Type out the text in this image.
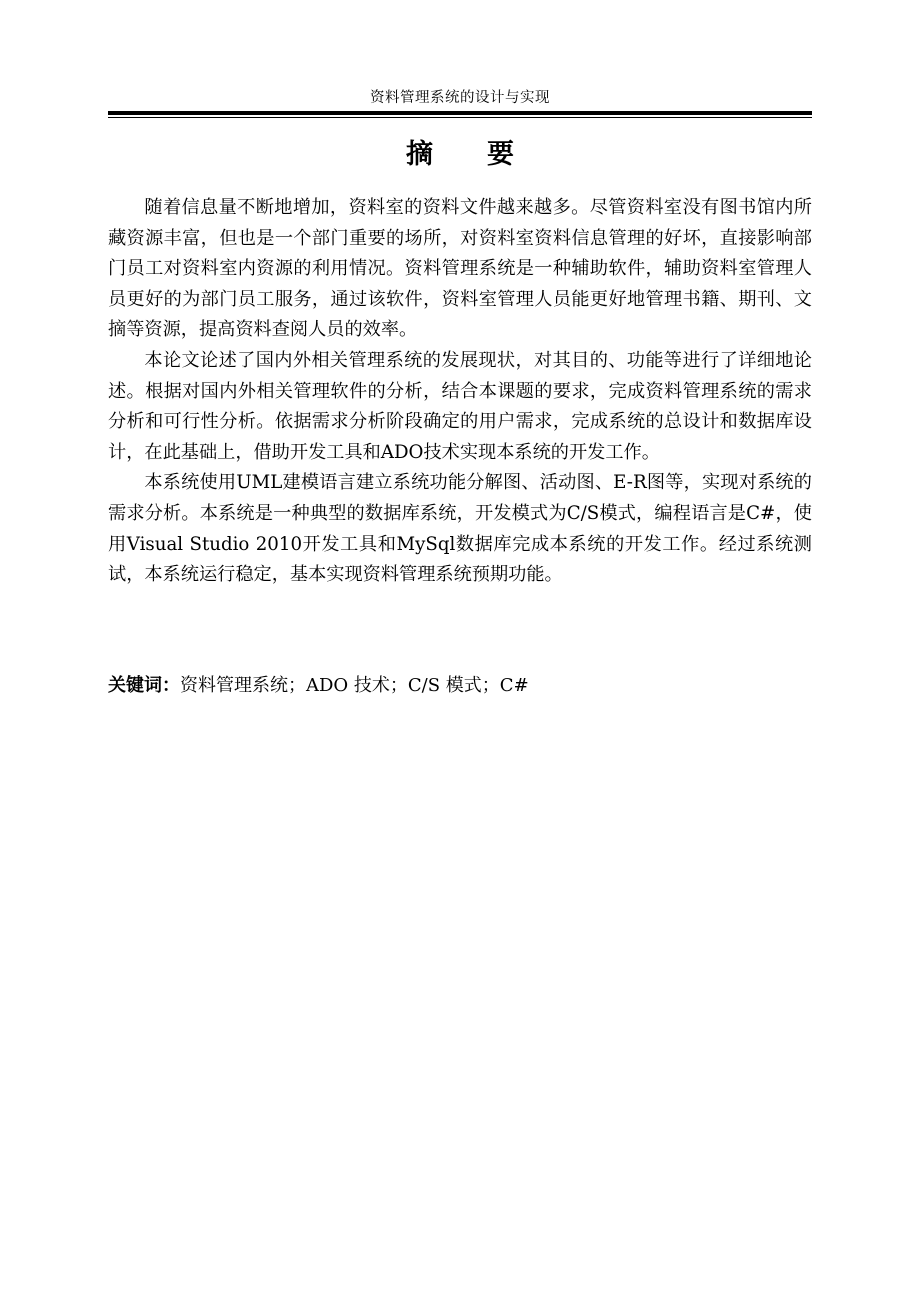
资料管理系统的设计与实现
摘要

随着信息量不断地增加，资料室的资料文件越来越多。尽管资料室没有图书馆内所藏资源丰富，但也是一个部门重要的场所，对资料室资料信息管理的好坏，直接影响部门员工对资料室内资源的利用情况。资料管理系统是一种辅助软件，辅助资料室管理人员更好的为部门员工服务，通过该软件，资料室管理人员能更好地管理书籍、期刊、文摘等资源，提高资料查阅人员的效率。

本论文论述了国内外相关管理系统的发展现状，对其目的、功能等进行了详细地论述。根据对国内外相关管理软件的分析，结合本课题的要求，完成资料管理系统的需求分析和可行性分析。依据需求分析阶段确定的用户需求，完成系统的总设计和数据库设计，在此基础上，借助开发工具和ADO技术实现本系统的开发工作。

本系统使用UML建模语言建立系统功能分解图、活动图、E-R图等，实现对系统的需求分析。本系统是一种典型的数据库系统，开发模式为C/S模式，编程语言是C#，使用Visual Studio 2010开发工具和MySql数据库完成本系统的开发工作。经过系统测试，本系统运行稳定，基本实现资料管理系统预期功能。

关键词：资料管理系统；ADO 技术；C/S 模式；C#
